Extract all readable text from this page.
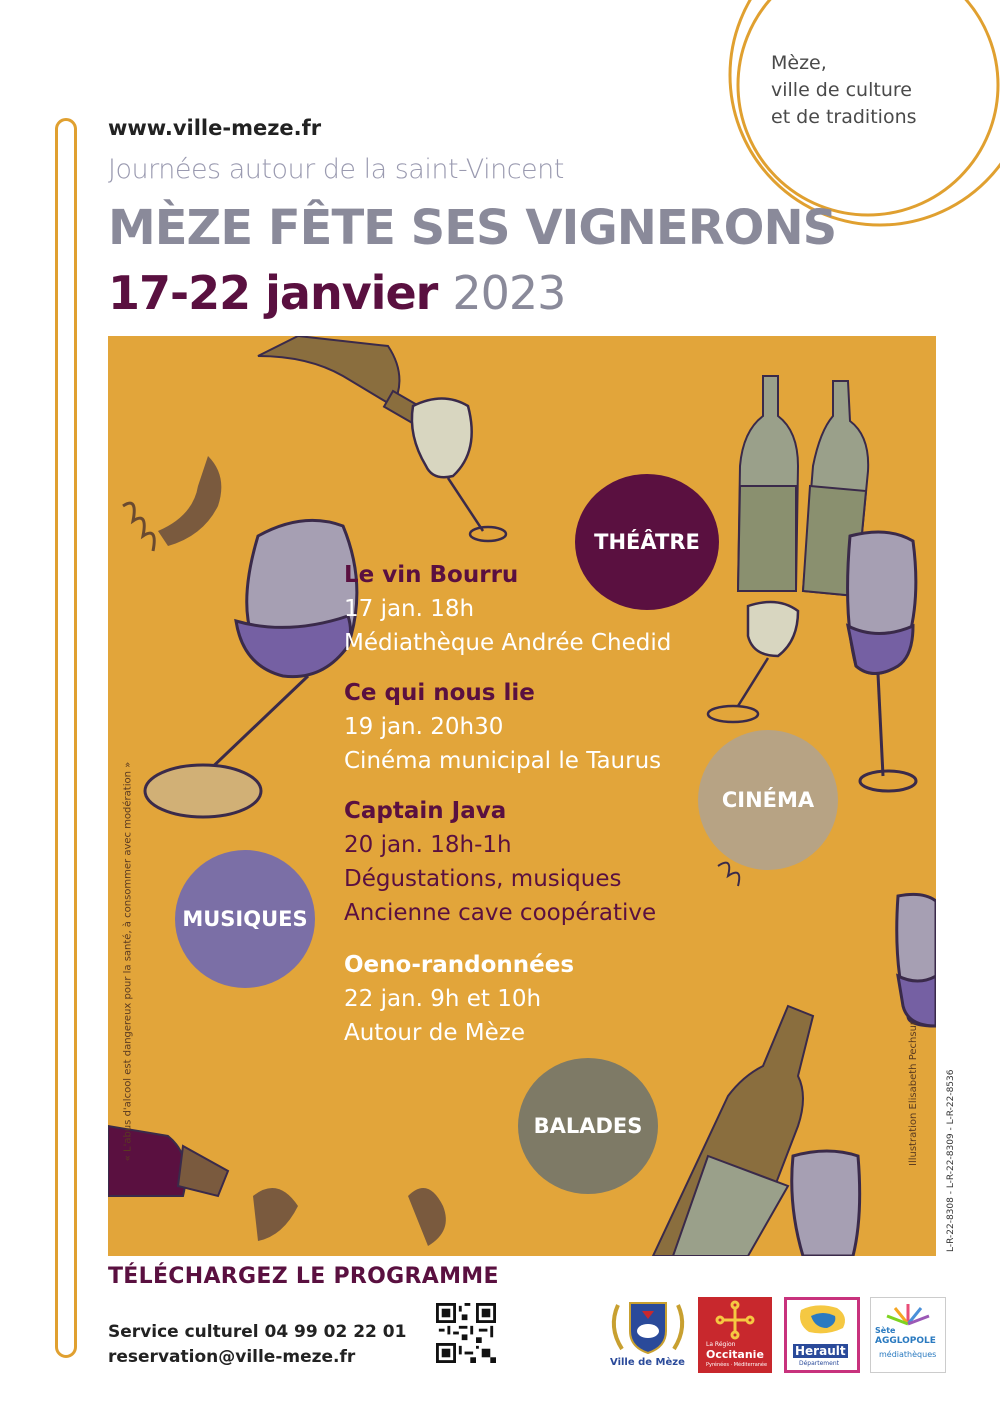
Mèze,
ville de culture
et de traditions
www.ville-meze.fr
Journées autour de la saint-Vincent
MÈZE FÊTE SES VIGNERONS
17-22 janvier 2023
THÉÂTRE
CINÉMA
MUSIQUES
BALADES
Le vin Bourru
17 jan. 18h
Médiathèque Andrée Chedid
Ce qui nous lie
19 jan. 20h30
Cinéma municipal le Taurus
Captain Java
20 jan. 18h-1h
Dégustations, musiques
Ancienne cave coopérative
Oeno-randonnées
22 jan. 9h et 10h
Autour de Mèze
« L'abus d'alcool est dangereux pour la santé, à consommer avec modération »	Illustration Elisabeth Pechsur	L-R-22-8308 - L-R-22-8309 - L-R-22-8536
TÉLÉCHARGEZ LE PROGRAMME
Service culturel 04 99 02 22 01
reservation@ville-meze.fr	Ville de Mèze
La Région
Occitanie
Pyrénées · Méditerranée
Herault
Département
Sète
AGGLOPOLE
médiathèques
